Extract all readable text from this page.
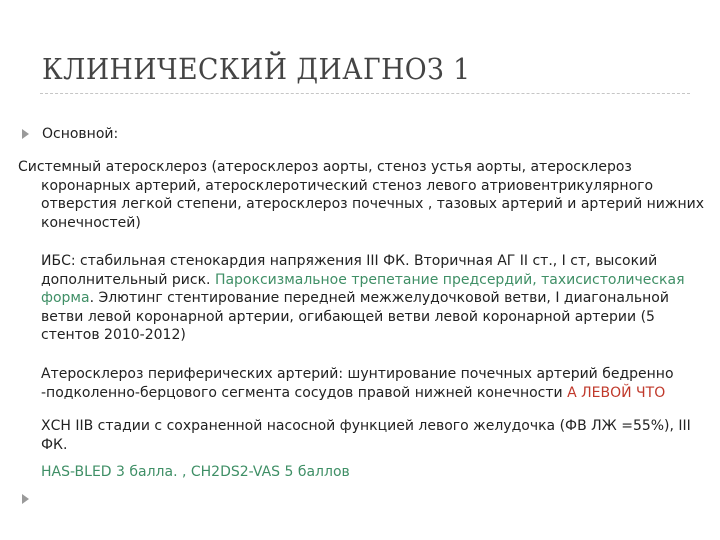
КЛИНИЧЕСКИЙ ДИАГНОЗ 1
Основной:
Системный атеросклероз (атеросклероз аорты, стеноз устья аорты, атеросклероз
коронарных артерий, атеросклеротический стеноз левого атриовентрикулярного отверстия легкой степени, атеросклероз почечных , тазовых артерий и артерий нижних конечностей)
ИБС: стабильная стенокардия напряжения III ФК. Вторичная АГ II ст., I ст, высокий дополнительный риск. Пароксизмальное трепетание предсердий, тахисистолическая форма. Элютинг стентирование передней межжелудочковой ветви, I диагональной ветви левой коронарной артерии, огибающей ветви левой коронарной артерии (5 стентов 2010-2012)
Атеросклероз периферических артерий: шунтирование почечных артерий бедренно -подколенно-берцового сегмента сосудов правой нижней конечности А ЛЕВОЙ ЧТО
ХСН IIВ стадии с сохраненной насосной функцией левого желудочка (ФВ ЛЖ =55%), III ФК.
HAS-BLED 3 балла. , CH2DS2-VAS 5 баллов
